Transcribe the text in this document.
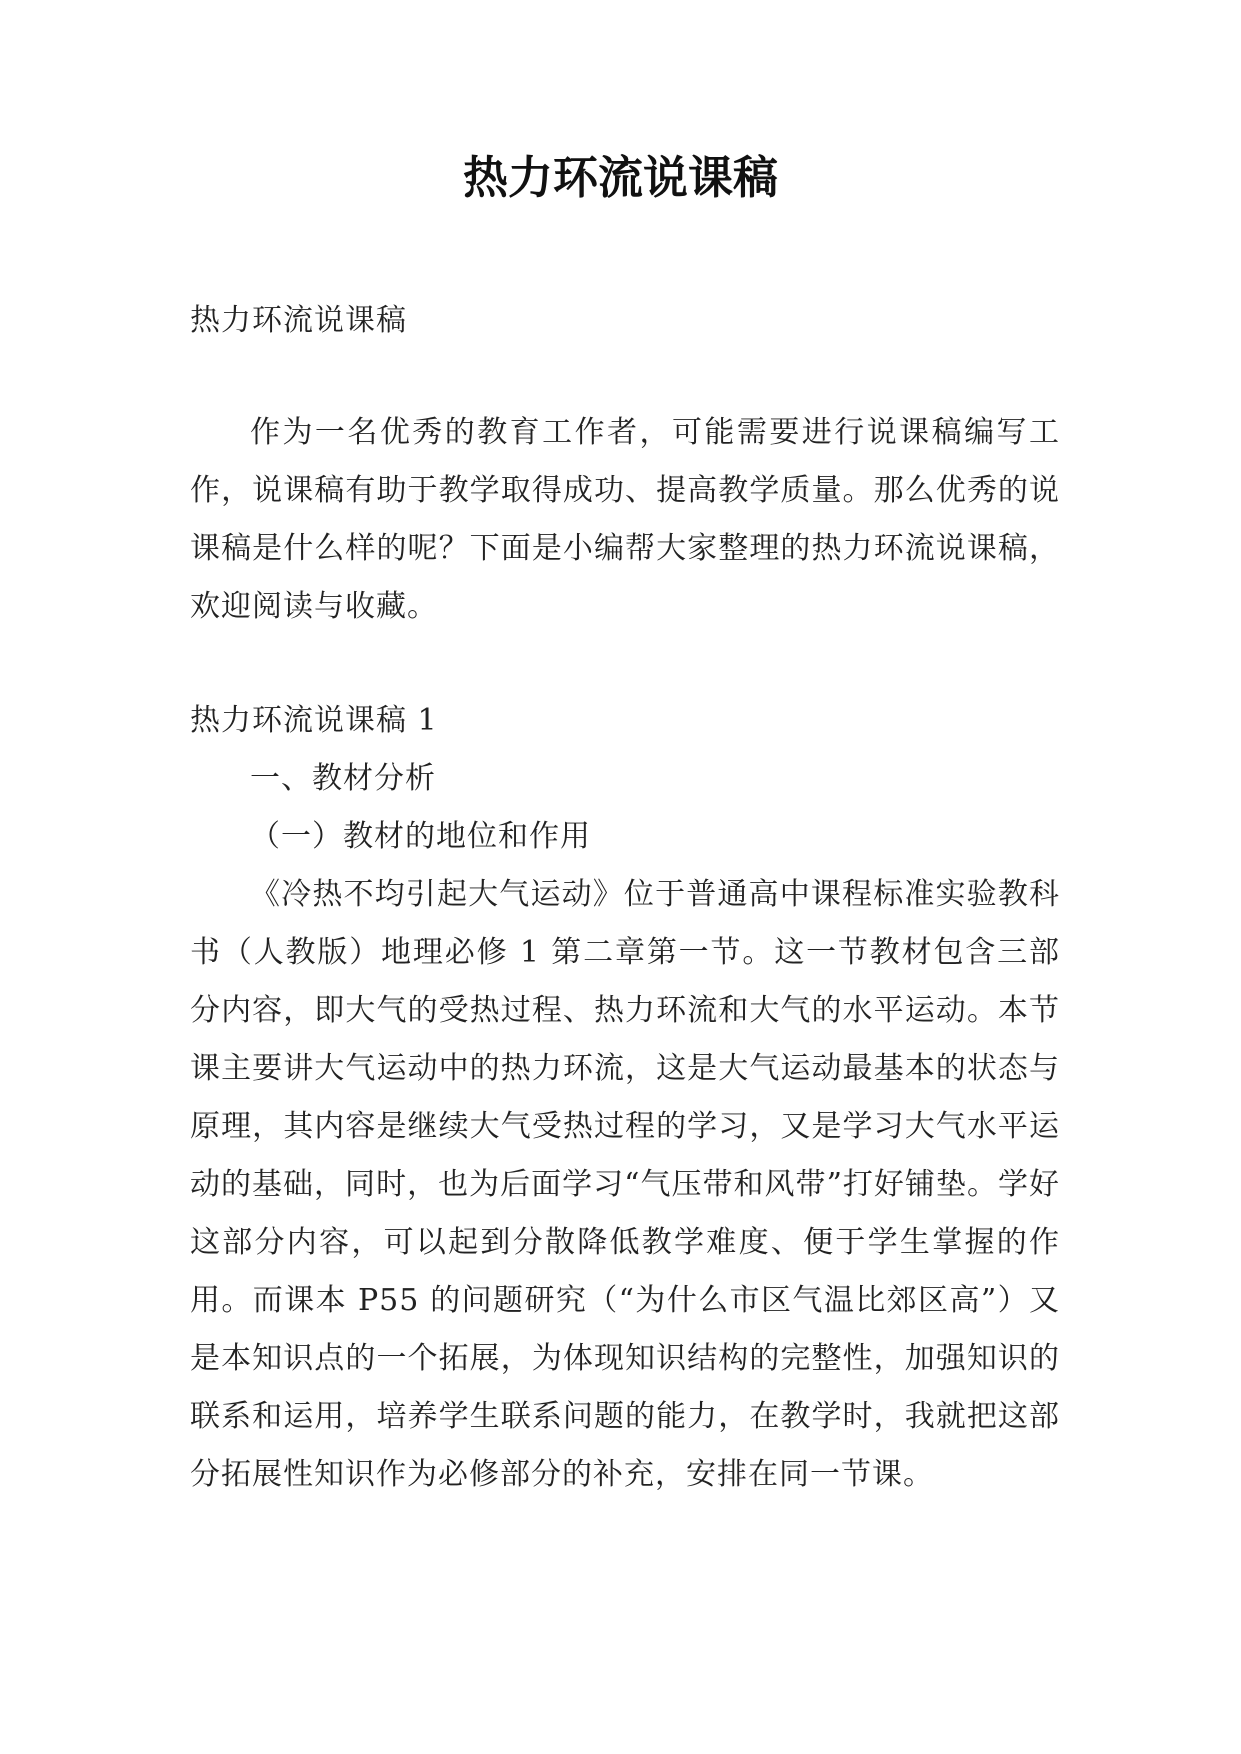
热力环流说课稿

热力环流说课稿

作为一名优秀的教育工作者，可能需要进行说课稿编写工作，说课稿有助于教学取得成功、提高教学质量。那么优秀的说课稿是什么样的呢？下面是小编帮大家整理的热力环流说课稿，欢迎阅读与收藏。

热力环流说课稿 1

一、教材分析

（一）教材的地位和作用

《冷热不均引起大气运动》位于普通高中课程标准实验教科书（人教版）地理必修 1 第二章第一节。这一节教材包含三部分内容，即大气的受热过程、热力环流和大气的水平运动。本节课主要讲大气运动中的热力环流，这是大气运动最基本的状态与原理，其内容是继续大气受热过程的学习，又是学习大气水平运动的基础，同时，也为后面学习“气压带和风带”打好铺垫。学好这部分内容，可以起到分散降低教学难度、便于学生掌握的作用。而课本 P55 的问题研究（“为什么市区气温比郊区高”）又是本知识点的一个拓展，为体现知识结构的完整性，加强知识的联系和运用，培养学生联系问题的能力，在教学时，我就把这部分拓展性知识作为必修部分的补充，安排在同一节课。
